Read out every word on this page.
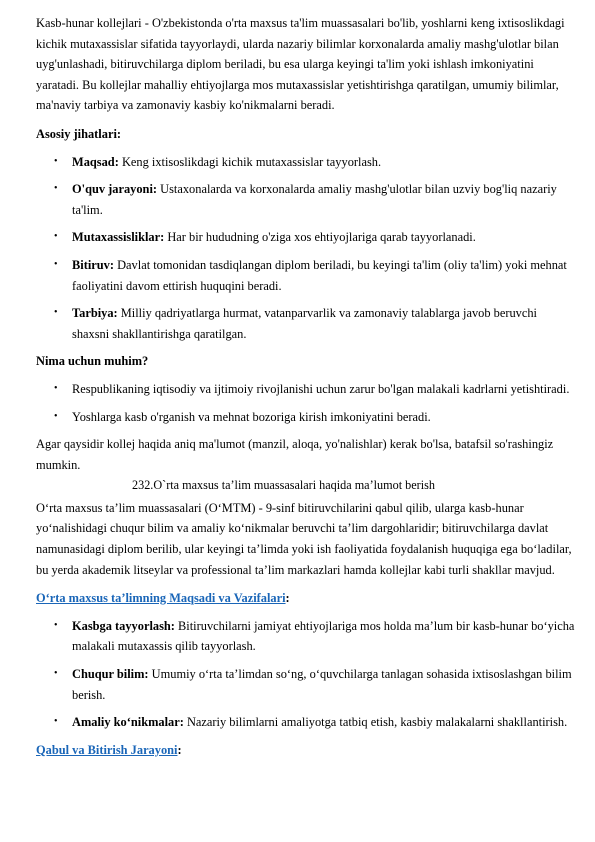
Kasb-hunar kollejlari - O'zbekistonda o'rta maxsus ta'lim muassasalari bo'lib, yoshlarni keng ixtisoslikdagi kichik mutaxassislar sifatida tayyorlaydi, ularda nazariy bilimlar korxonalarda amaliy mashg'ulotlar bilan uyg'unlashadi, bitiruvchilarga diplom beriladi, bu esa ularga keyingi ta'lim yoki ishlash imkoniyatini yaratadi. Bu kollejlar mahalliy ehtiyojlarga mos mutaxassislar yetishtirishga qaratilgan, umumiy bilimlar, ma'naviy tarbiya va zamonaviy kasbiy ko'nikmalarni beradi.

Asosiy jihatlari:

• Maqsad: Keng ixtisoslikdagi kichik mutaxassislar tayyorlash.
• O'quv jarayoni: Ustaxonalarda va korxonalarda amaliy mashg'ulotlar bilan uzviy bog'liq nazariy ta'lim.
• Mutaxassisliklar: Har bir hududning o'ziga xos ehtiyojlariga qarab tayyorlanadi.
• Bitiruv: Davlat tomonidan tasdiqlangan diplom beriladi, bu keyingi ta'lim (oliy ta'lim) yoki mehnat faoliyatini davom ettirish huquqini beradi.
• Tarbiya: Milliy qadriyatlarga hurmat, vatanparvarlik va zamonaviy talablarga javob beruvchi shaxsni shakllantirishga qaratilgan.

Nima uchun muhim?

• Respublikaning iqtisodiy va ijtimoiy rivojlanishi uchun zarur bo'lgan malakali kadrlarni yetishtiradi.
• Yoshlarga kasb o'rganish va mehnat bozoriga kirish imkoniyatini beradi.

Agar qaysidir kollej haqida aniq ma'lumot (manzil, aloqa, yo'nalishlar) kerak bo'lsa, batafsil so'rashingiz mumkin.

232.O`rta maxsus ta’lim muassasalari haqida ma’lumot berish

O‘rta maxsus ta’lim muassasalari (O‘MTM) - 9-sinf bitiruvchilarini qabul qilib, ularga kasb-hunar yo‘nalishidagi chuqur bilim va amaliy ko‘nikmalar beruvchi ta’lim dargohlaridir; bitiruvchilarga davlat namunasidagi diplom berilib, ular keyingi ta’limda yoki ish faoliyatida foydalanish huquqiga ega bo‘ladilar, bu yerda akademik litseylar va professional ta’lim markazlari hamda kollejlar kabi turli shakllar mavjud.

O‘rta maxsus ta’limning Maqsadi va Vazifalari:

• Kasbga tayyorlash: Bitiruvchilarni jamiyat ehtiyojlariga mos holda ma’lum bir kasb-hunar bo‘yicha malakali mutaxassis qilib tayyorlash.
• Chuqur bilim: Umumiy o‘rta ta’limdan so‘ng, o‘quvchilarga tanlagan sohasida ixtisoslashgan bilim berish.
• Amaliy ko‘nikmalar: Nazariy bilimlarni amaliyotga tatbiq etish, kasbiy malakalarni shakllantirish.

Qabul va Bitirish Jarayoni:
